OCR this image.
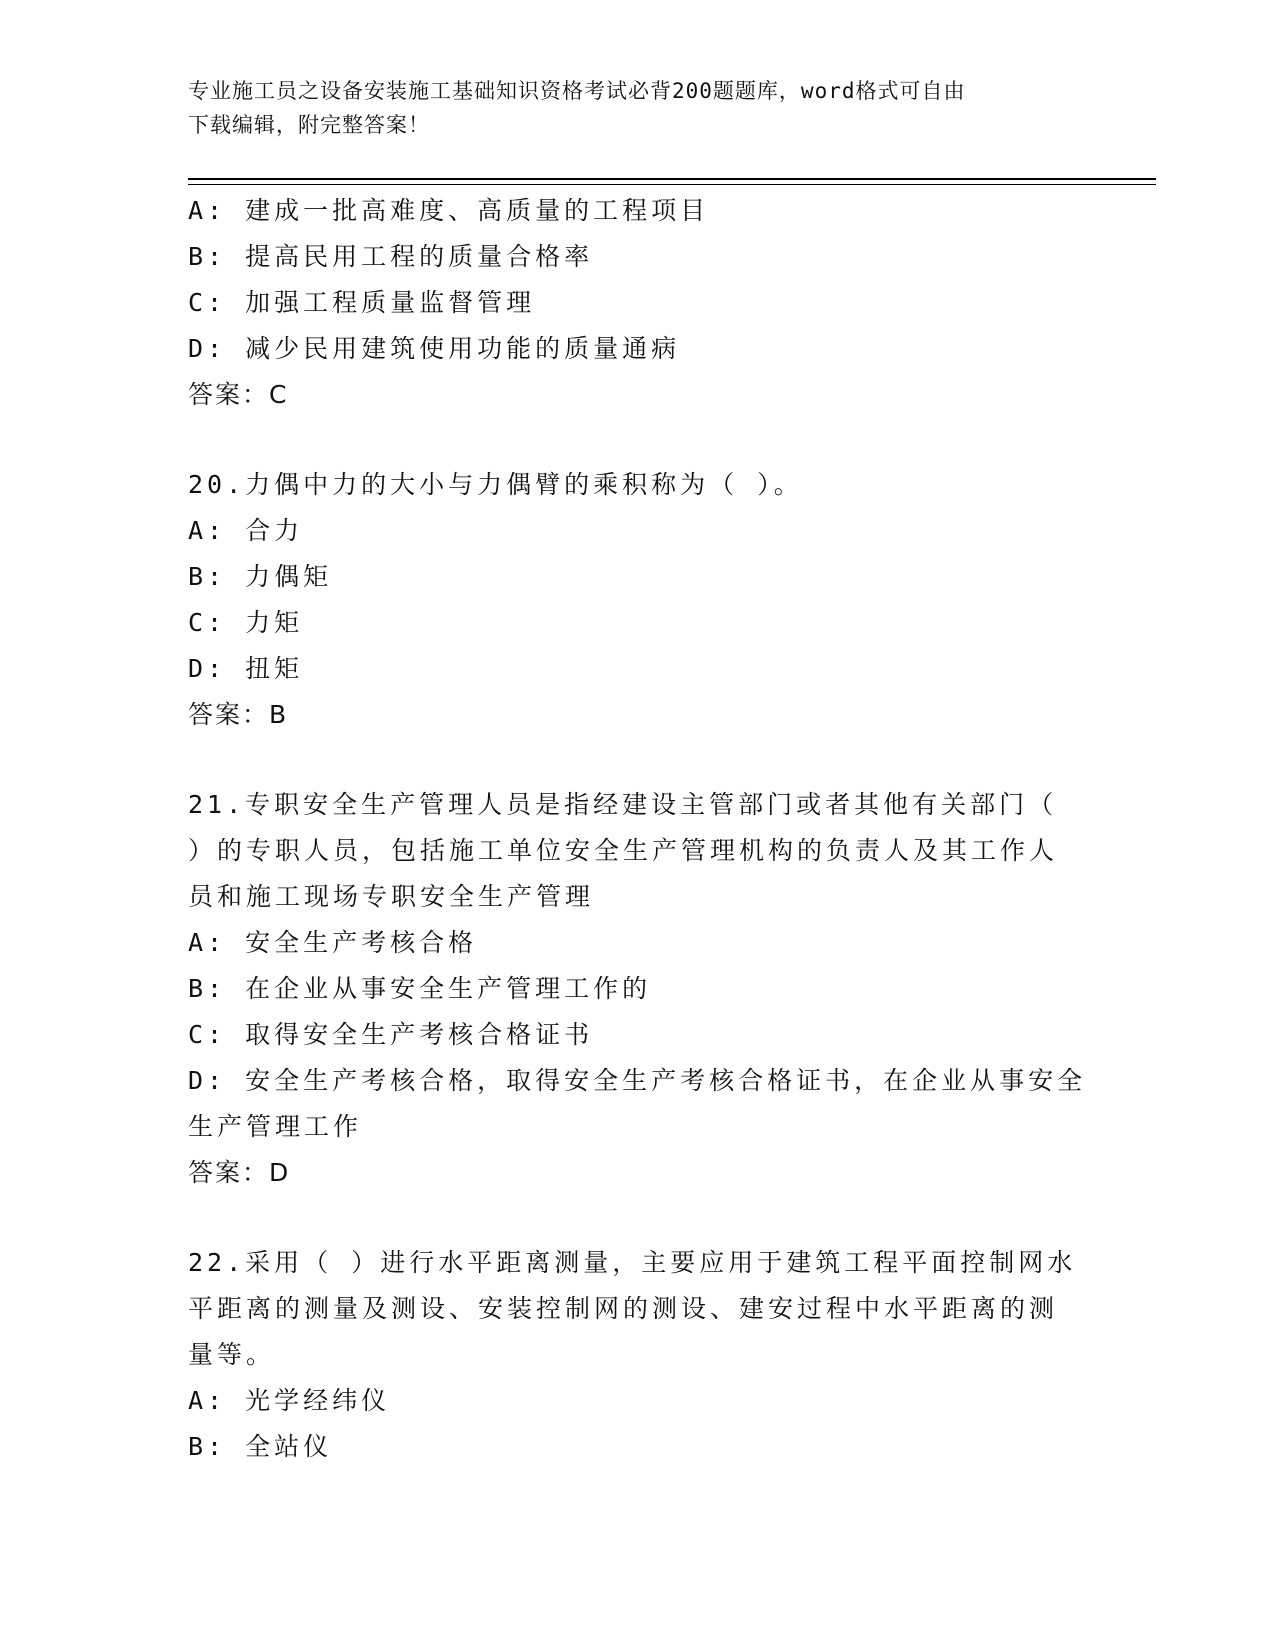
专业施工员之设备安装施工基础知识资格考试必背200题题库，word格式可自由
下载编辑，附完整答案！
A: 建成一批高难度、高质量的工程项目
B: 提高民用工程的质量合格率
C: 加强工程质量监督管理
D: 减少民用建筑使用功能的质量通病
答案：C
20.力偶中力的大小与力偶臂的乘积称为（ ）。
A: 合力
B: 力偶矩
C: 力矩
D: 扭矩
答案：B
21.专职安全生产管理人员是指经建设主管部门或者其他有关部门（
）的专职人员，包括施工单位安全生产管理机构的负责人及其工作人
员和施工现场专职安全生产管理
A: 安全生产考核合格
B: 在企业从事安全生产管理工作的
C: 取得安全生产考核合格证书
D: 安全生产考核合格，取得安全生产考核合格证书，在企业从事安全
生产管理工作
答案：D
22.采用（ ）进行水平距离测量，主要应用于建筑工程平面控制网水
平距离的测量及测设、安装控制网的测设、建安过程中水平距离的测
量等。
A: 光学经纬仪
B: 全站仪
